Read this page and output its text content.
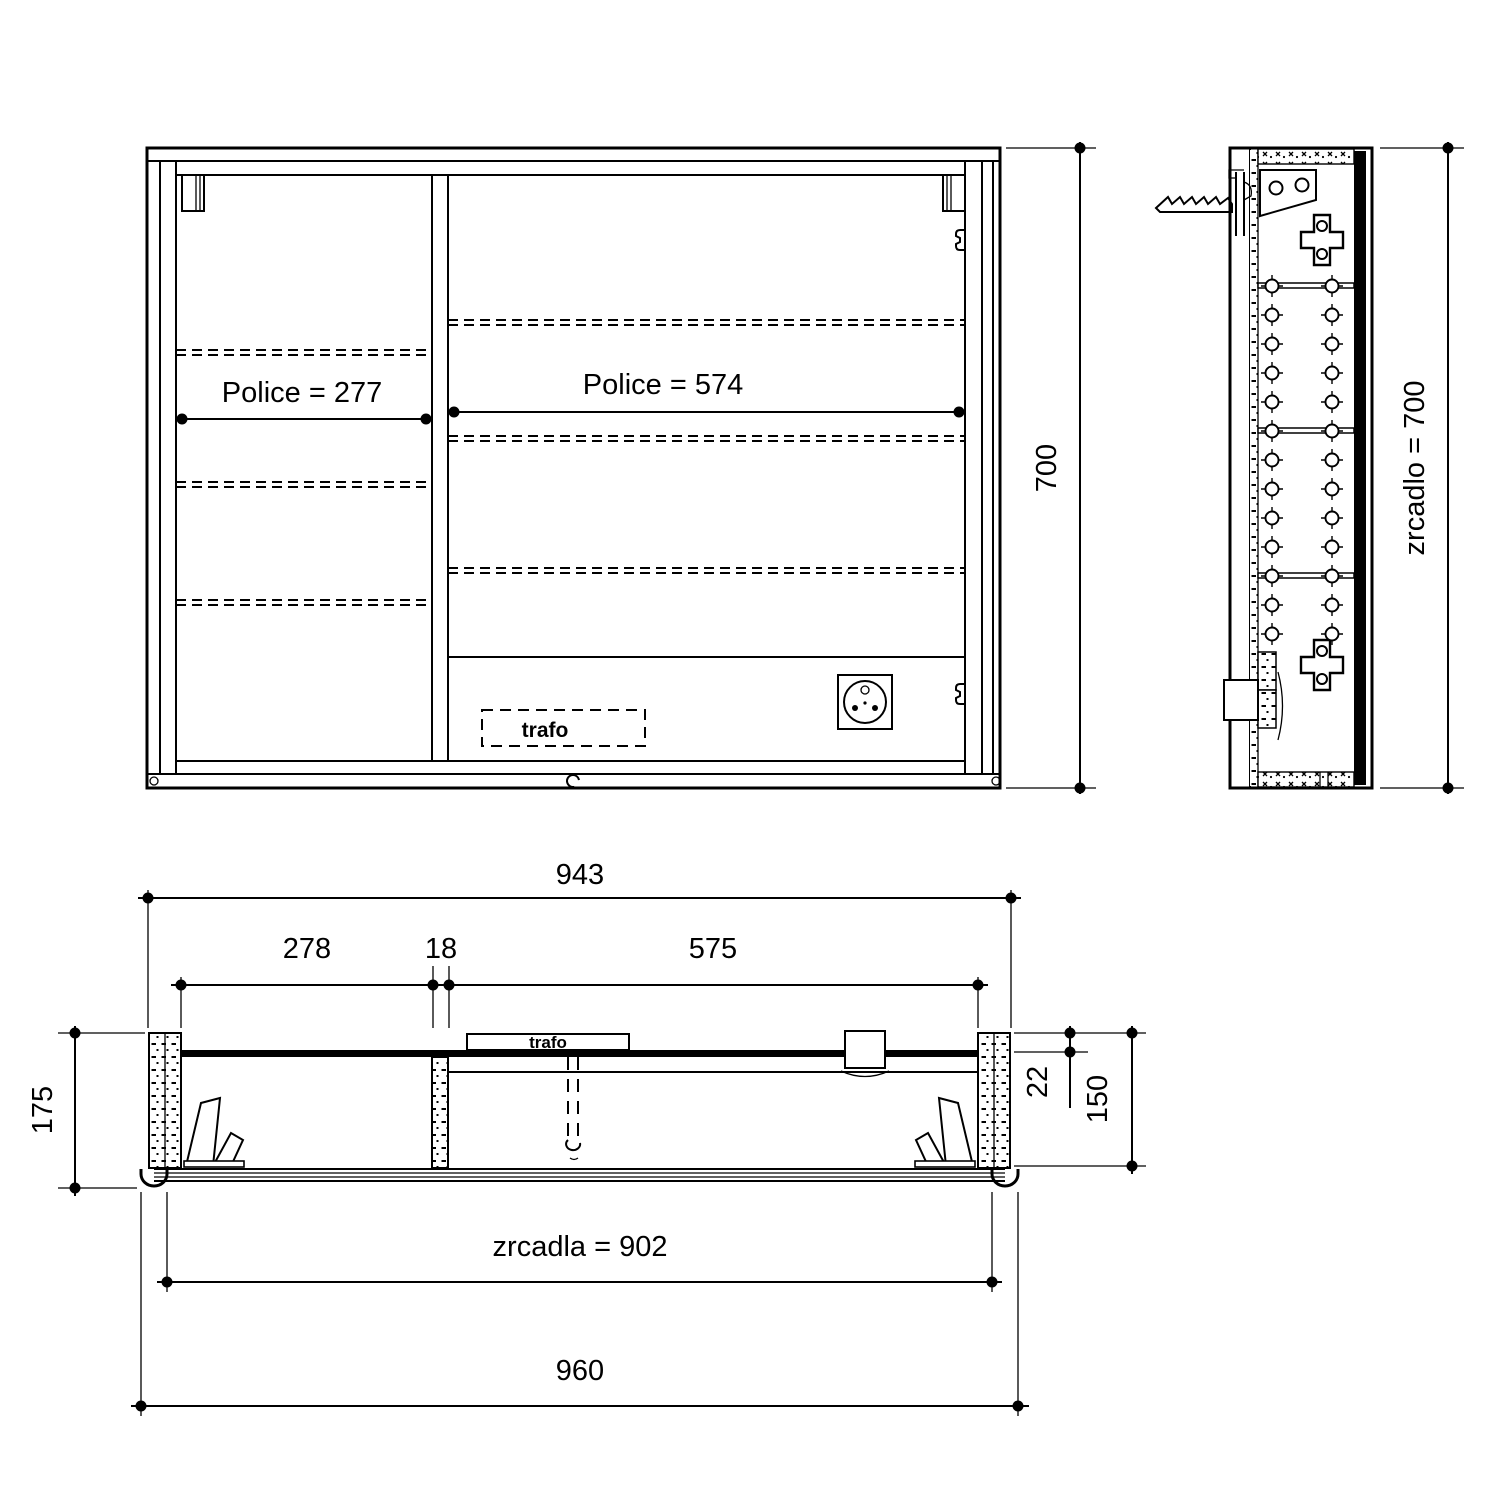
Police = 277	Police = 574
trafo
700	zrcadlo = 700
trafo
943
278	18	575
175
22 150
zrcadla = 902
960
